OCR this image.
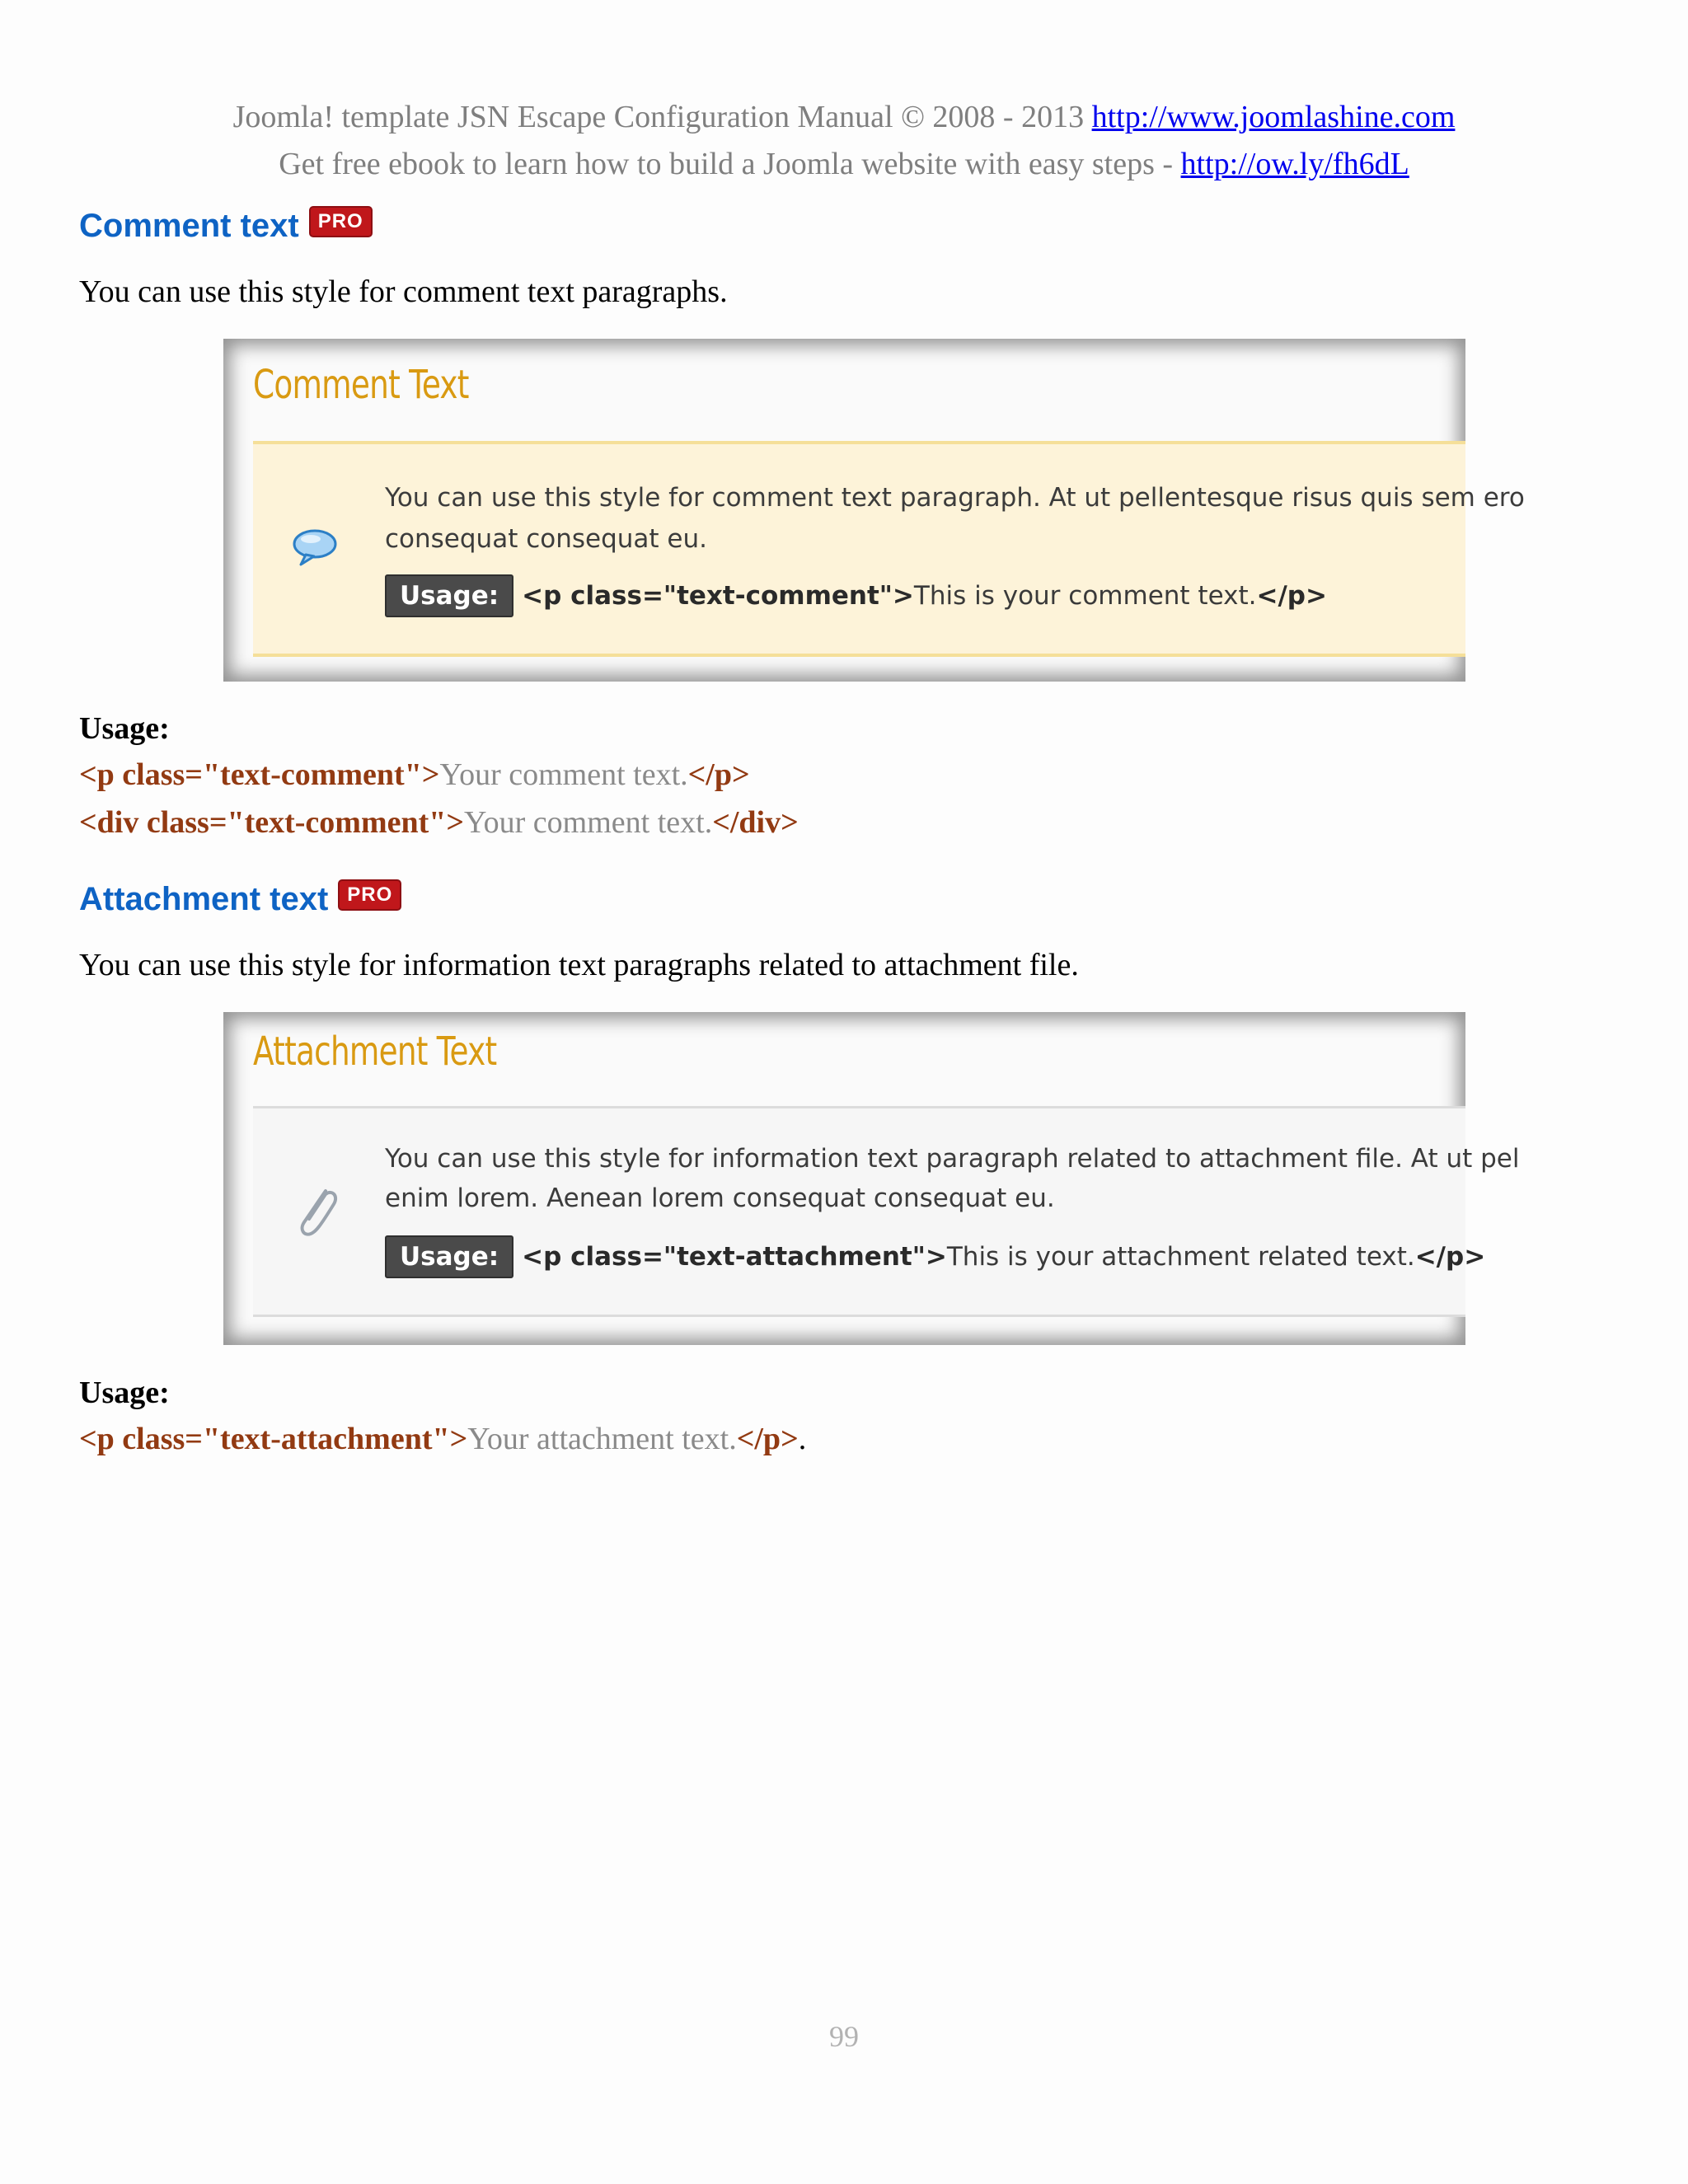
Joomla! template JSN Escape Configuration Manual © 2008 - 2013 http://www.joomlashine.com
Get free ebook to learn how to build a Joomla website with easy steps - http://ow.ly/fh6dL
Comment text PRO
You can use this style for comment text paragraphs.
Comment Text
You can use this style for comment text paragraph. At ut pellentesque risus quis sem ero
consequat consequat eu.
Usage: <p class="text-comment"> This is your comment text. </p>
Usage:
<p class="text-comment">Your comment text.</p>
<div class="text-comment">Your comment text.</div>
Attachment text PRO
You can use this style for information text paragraphs related to attachment file.
Attachment Text
You can use this style for information text paragraph related to attachment file. At ut pel
enim lorem. Aenean lorem consequat consequat eu.
Usage: <p class="text-attachment"> This is your attachment related text. </p>
Usage:
<p class="text-attachment">Your attachment text.</p>.
99
